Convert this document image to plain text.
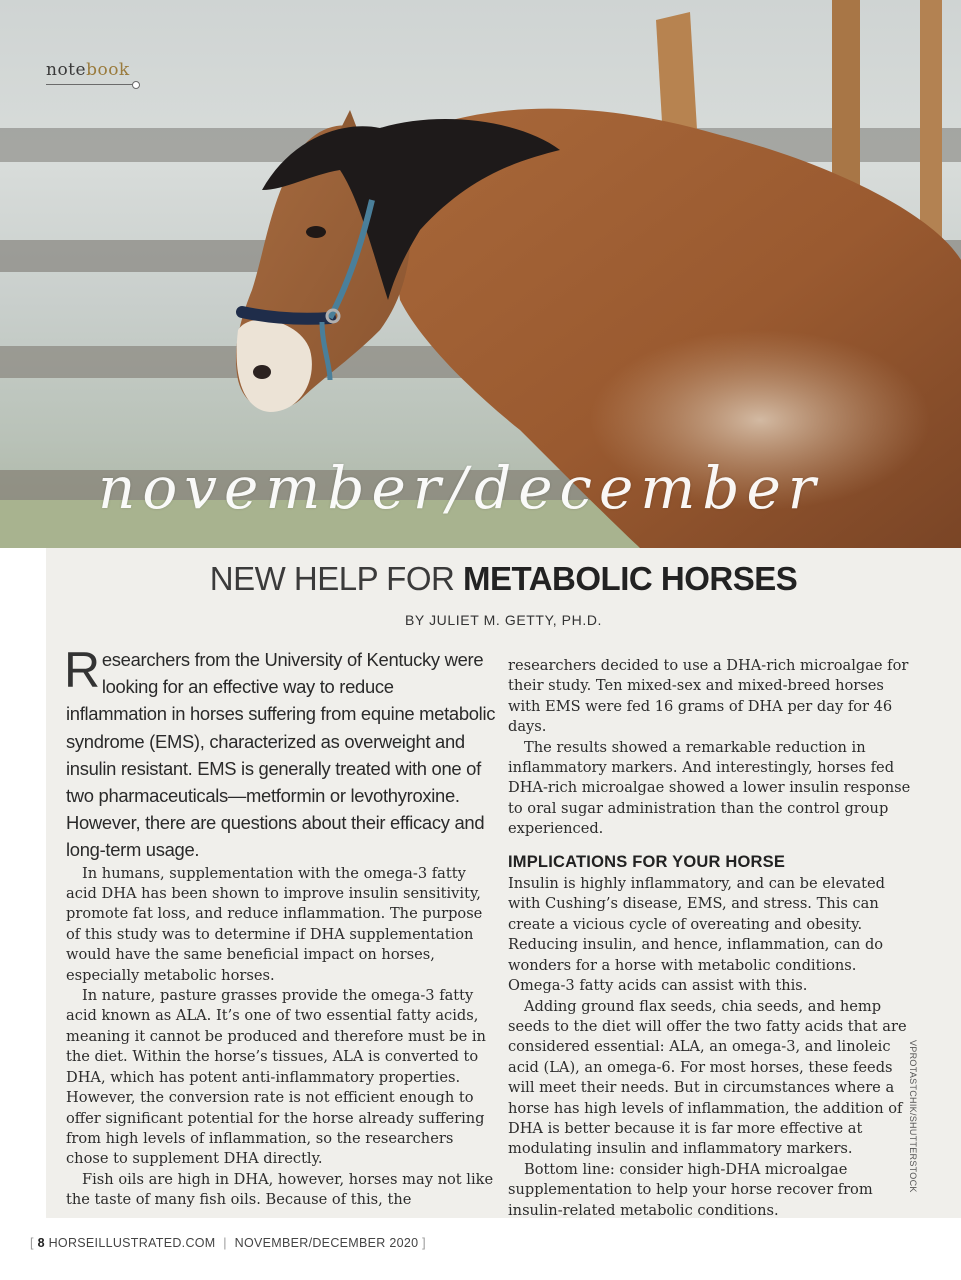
notebook
november/december
NEW HELP FOR METABOLIC HORSES
BY JULIET M. GETTY, PH.D.

Researchers from the University of Kentucky were looking for an effective way to reduce inflammation in horses suffering from equine metabolic syndrome (EMS), characterized as overweight and insulin resistant. EMS is generally treated with one of two pharmaceuticals—metformin or levothyroxine. However, there are questions about their efficacy and long-term usage.

In humans, supplementation with the omega-3 fatty acid DHA has been shown to improve insulin sensitivity, promote fat loss, and reduce inflammation. The purpose of this study was to determine if DHA supplementation would have the same beneficial impact on horses, especially metabolic horses.

In nature, pasture grasses provide the omega-3 fatty acid known as ALA. It’s one of two essential fatty acids, meaning it cannot be produced and therefore must be in the diet. Within the horse’s tissues, ALA is converted to DHA, which has potent anti-inflammatory properties. However, the conversion rate is not efficient enough to offer significant potential for the horse already suffering from high levels of inflammation, so the researchers chose to supplement DHA directly.

Fish oils are high in DHA, however, horses may not like the taste of many fish oils. Because of this, the

researchers decided to use a DHA-rich microalgae for their study. Ten mixed-sex and mixed-breed horses with EMS were fed 16 grams of DHA per day for 46 days.

The results showed a remarkable reduction in inflammatory markers. And interestingly, horses fed DHA-rich microalgae showed a lower insulin response to oral sugar administration than the control group experienced.

IMPLICATIONS FOR YOUR HORSE

Insulin is highly inflammatory, and can be elevated with Cushing’s disease, EMS, and stress. This can create a vicious cycle of overeating and obesity. Reducing insulin, and hence, inflammation, can do wonders for a horse with metabolic conditions. Omega-3 fatty acids can assist with this.

Adding ground flax seeds, chia seeds, and hemp seeds to the diet will offer the two fatty acids that are considered essential: ALA, an omega-3, and linoleic acid (LA), an omega-6. For most horses, these feeds will meet their needs. But in circumstances where a horse has high levels of inflammation, the addition of DHA is better because it is far more effective at modulating insulin and inflammatory markers.

Bottom line: consider high-DHA microalgae supplementation to help your horse recover from insulin-related metabolic conditions.

VPROTASTCHIK/SHUTTERSTOCK
[ 8 HORSEILLUSTRATED.COM | NOVEMBER/DECEMBER 2020 ]
